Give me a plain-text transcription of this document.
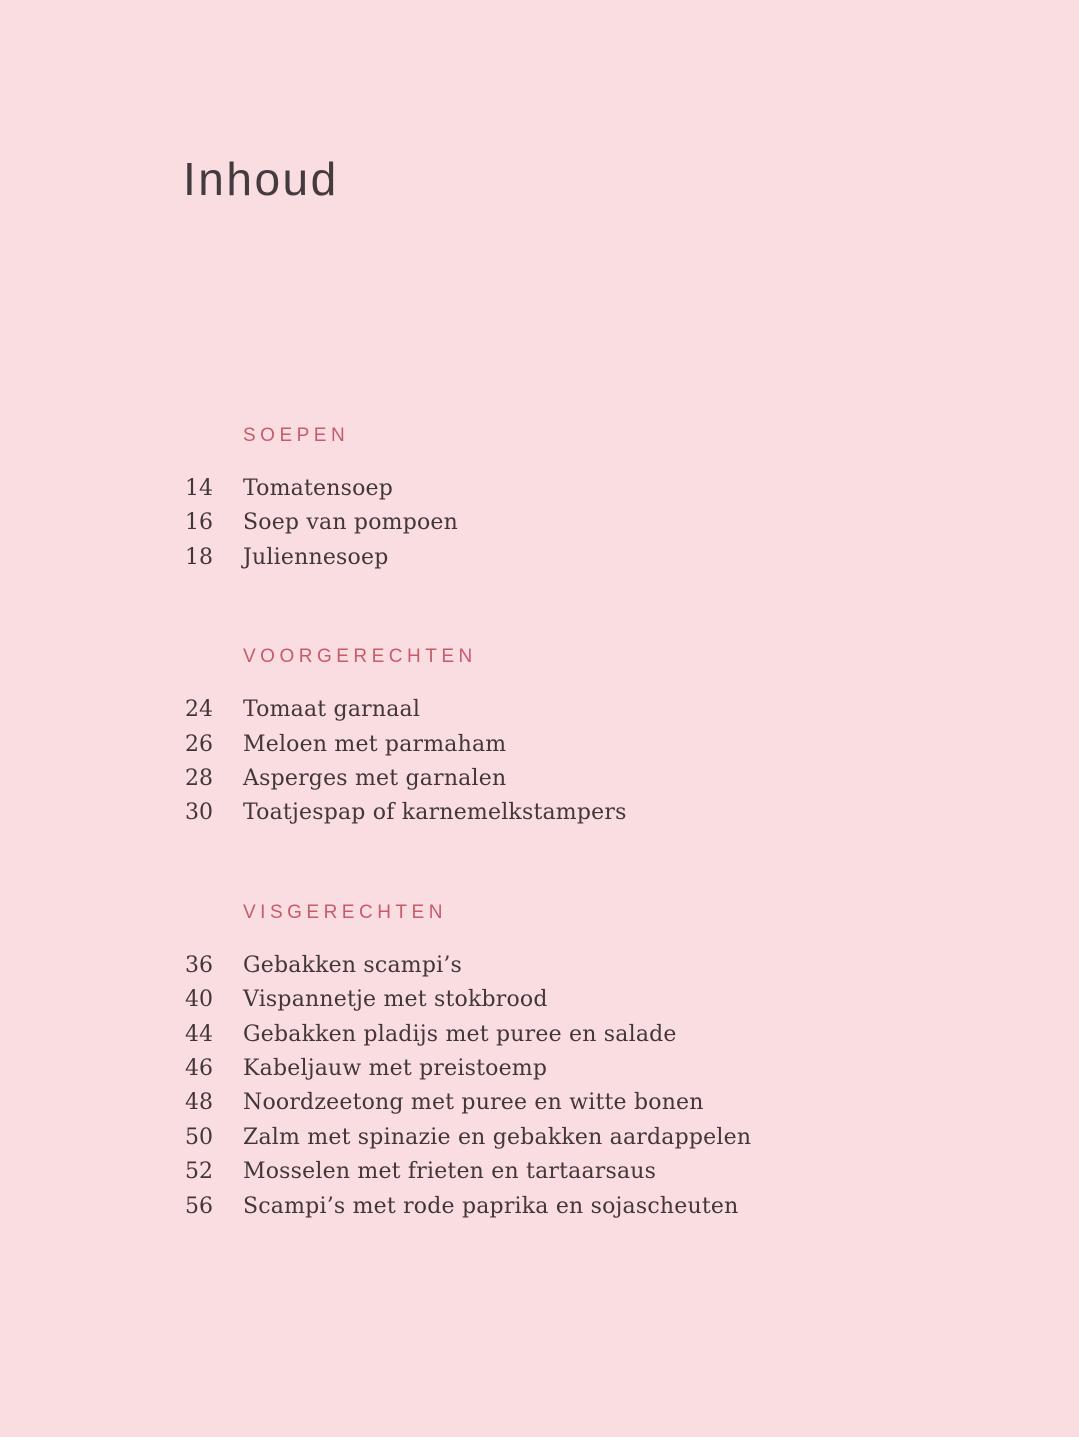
Inhoud
SOEPEN
14	Tomatensoep
16	Soep van pompoen
18	Juliennesoep
VOORGERECHTEN
24	Tomaat garnaal
26	Meloen met parmaham
28	Asperges met garnalen
30	Toatjespap of karnemelkstampers
VISGERECHTEN
36	Gebakken scampi’s
40	Vispannetje met stokbrood
44	Gebakken pladijs met puree en salade
46	Kabeljauw met preistoemp
48	Noordzeetong met puree en witte bonen
50	Zalm met spinazie en gebakken aardappelen
52	Mosselen met frieten en tartaarsaus
56	Scampi’s met rode paprika en sojascheuten
